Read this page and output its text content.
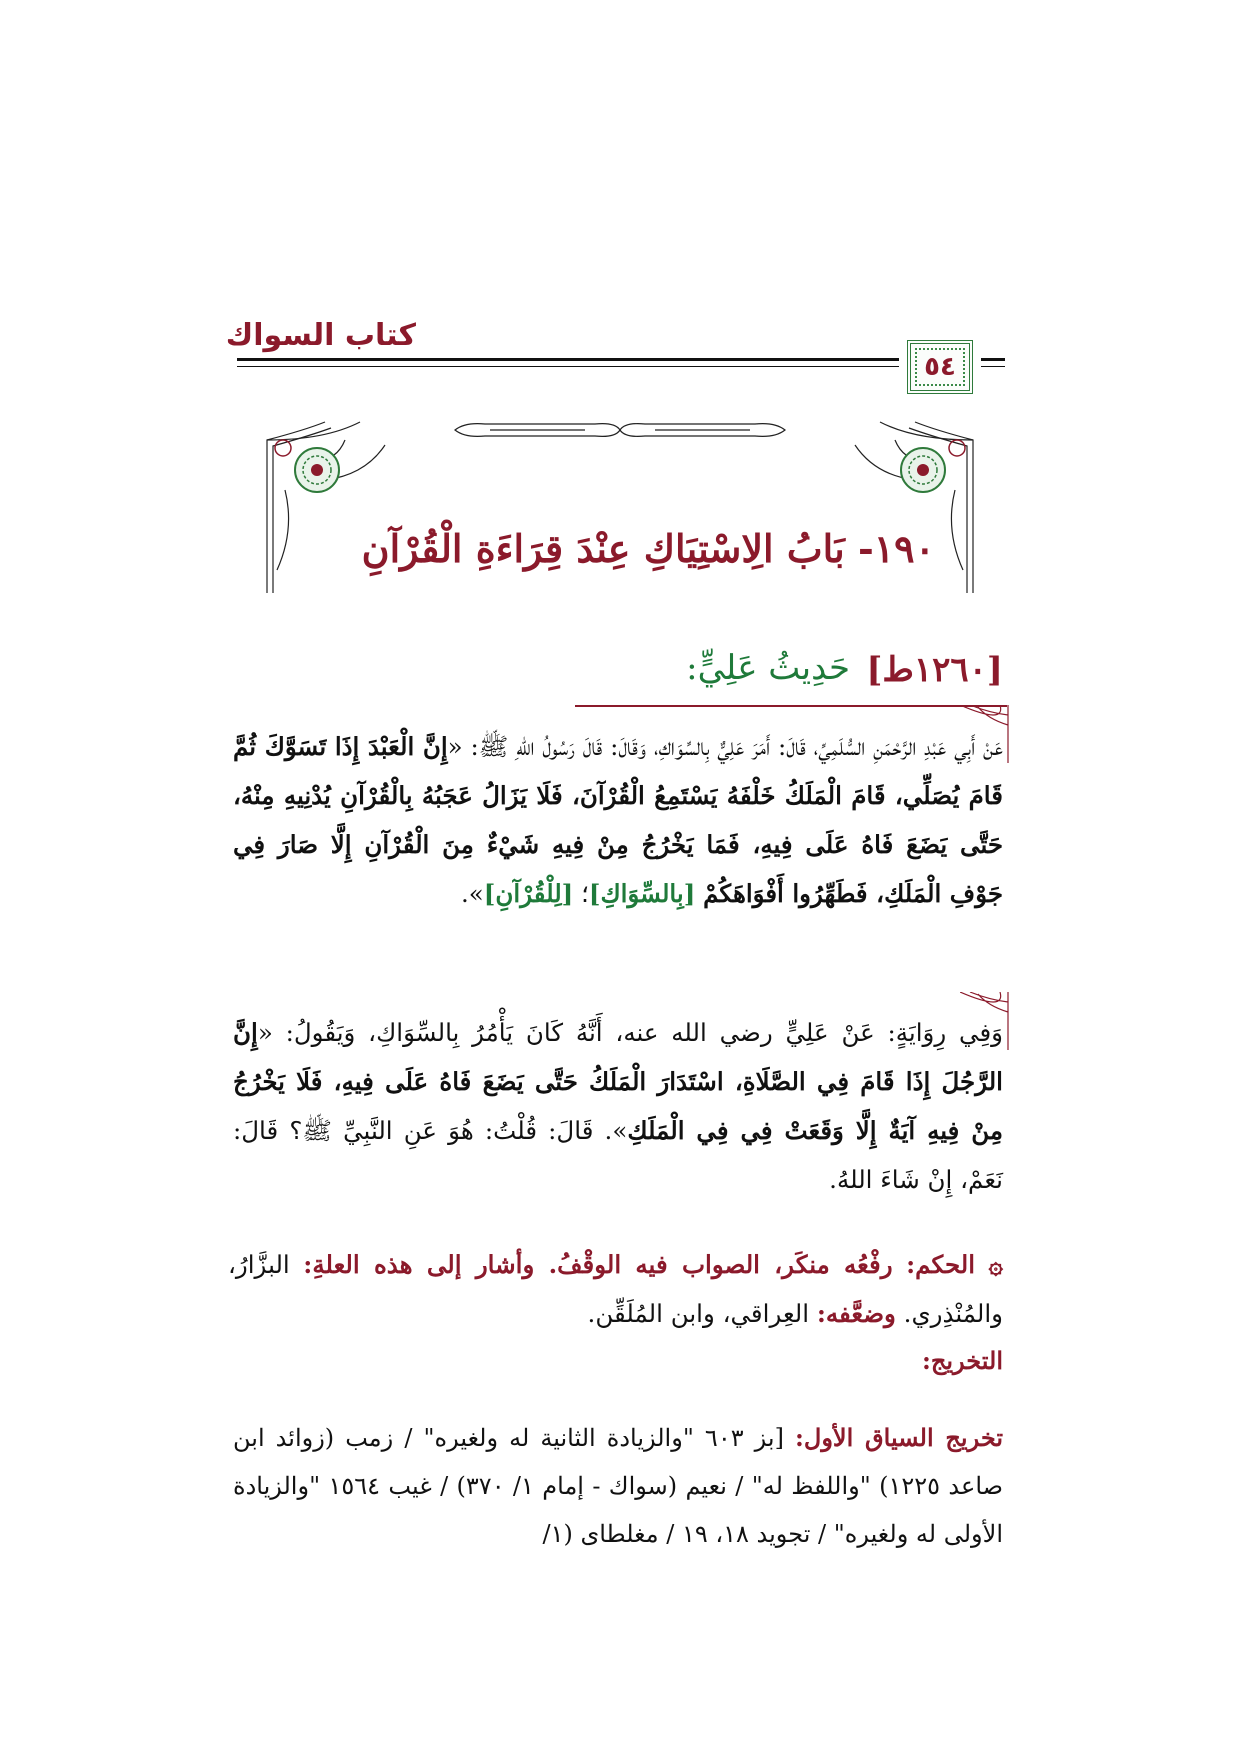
كتاب السواك
٥٤
١٩٠- بَابُ الِاسْتِيَاكِ عِنْدَ قِرَاءَةِ الْقُرْآنِ
[١٢٦٠ط]
حَدِيثُ عَلِيٍّ:
عَنْ أَبِي عَبْدِ الرَّحْمَنِ السُّلَمِيِّ، قَالَ: أَمَرَ عَلِيٌّ بِالسِّوَاكِ، وَقَالَ: قَالَ رَسُولُ اللهِ ﷺ: «إِنَّ الْعَبْدَ إِذَا تَسَوَّكَ ثُمَّ قَامَ يُصَلِّي، قَامَ الْمَلَكُ خَلْفَهُ يَسْتَمِعُ الْقُرْآنَ، فَلَا يَزَالُ عَجَبُهُ بِالْقُرْآنِ يُدْنِيهِ مِنْهُ، حَتَّى يَضَعَ فَاهُ عَلَى فِيهِ، فَمَا يَخْرُجُ مِنْ فِيهِ شَيْءٌ مِنَ الْقُرْآنِ إِلَّا صَارَ فِي جَوْفِ الْمَلَكِ، فَطَهِّرُوا أَفْوَاهَكُمْ [بِالسِّوَاكِ]؛ [لِلْقُرْآنِ]».
وَفِي رِوَايَةٍ: عَنْ عَلِيٍّ رضي الله عنه، أَنَّهُ كَانَ يَأْمُرُ بِالسِّوَاكِ، وَيَقُولُ: «إِنَّ الرَّجُلَ إِذَا قَامَ فِي الصَّلَاةِ، اسْتَدَارَ الْمَلَكُ حَتَّى يَضَعَ فَاهُ عَلَى فِيهِ، فَلَا يَخْرُجُ مِنْ فِيهِ آيَةٌ إِلَّا وَقَعَتْ فِي فِي الْمَلَكِ». قَالَ: قُلْتُ: هُوَ عَنِ النَّبِيِّ ﷺ؟ قَالَ: نَعَمْ، إِنْ شَاءَ اللهُ.
۞ الحكم: رفْعُه منكَر، الصواب فيه الوقْفُ. وأشار إلى هذه العلةِ: البزَّارُ، والمُنْذِري. وضعَّفه: العِراقي، وابن المُلَقِّن.
التخريج:
تخريج السياق الأول: [بز ٦٠٣ "والزيادة الثانية له ولغيره" / زمب (زوائد ابن صاعد ١٢٢٥) "واللفظ له" / نعيم (سواك - إمام ١/ ٣٧٠) / غيب ١٥٦٤ "والزيادة الأولى له ولغيره" / تجويد ١٨، ١٩ / مغلطاى (١/
